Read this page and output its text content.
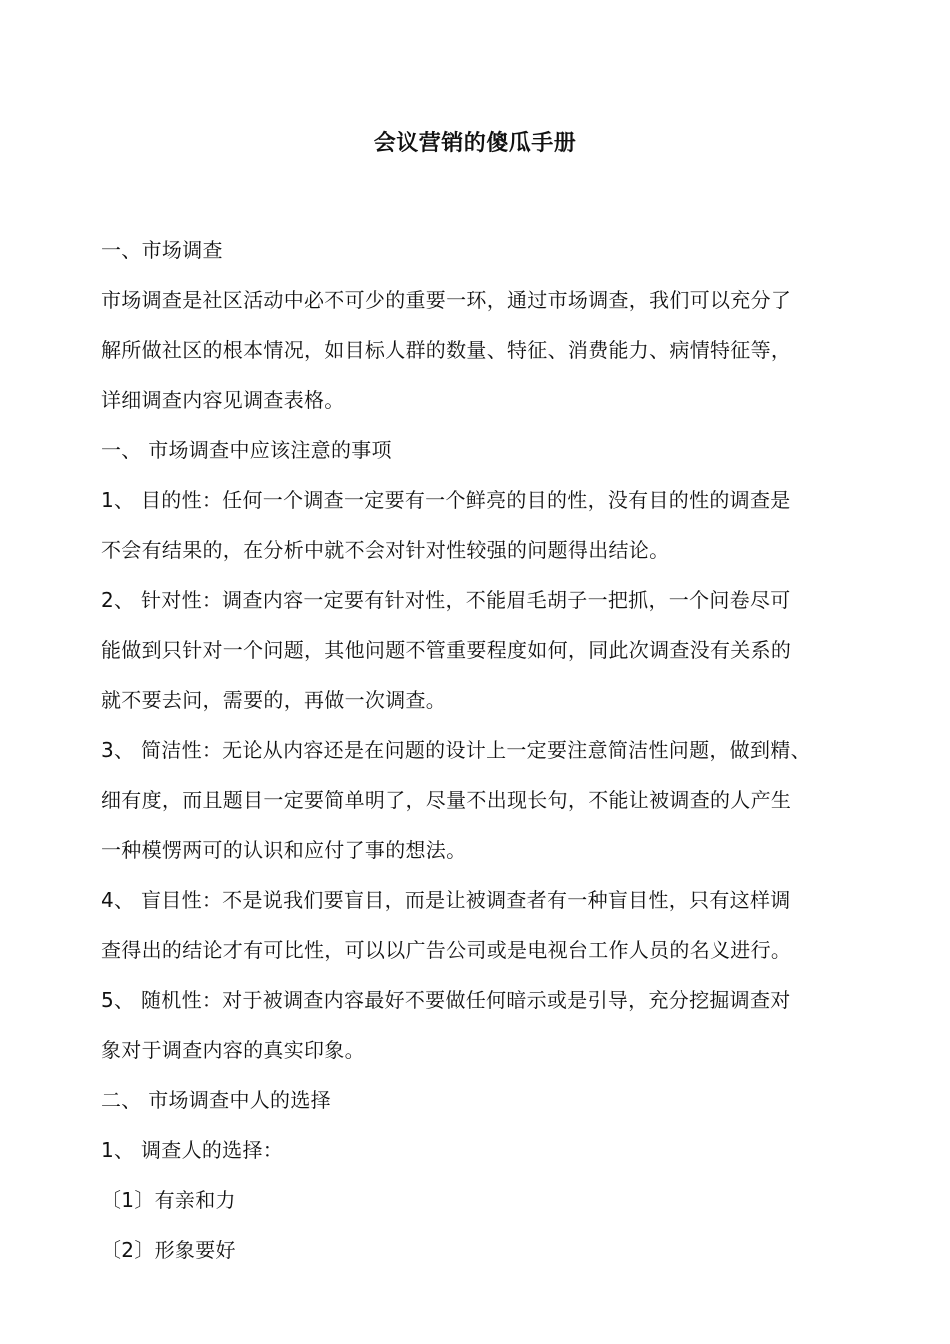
会议营销的傻瓜手册
一、市场调查
市场调查是社区活动中必不可少的重要一环，通过市场调查，我们可以充分了
解所做社区的根本情况，如目标人群的数量、特征、消费能力、病情特征等，
详细调查内容见调查表格。
一、 市场调查中应该注意的事项
1、 目的性：任何一个调查一定要有一个鲜亮的目的性，没有目的性的调查是
不会有结果的，在分析中就不会对针对性较强的问题得出结论。
2、 针对性：调查内容一定要有针对性，不能眉毛胡子一把抓，一个问卷尽可
能做到只针对一个问题，其他问题不管重要程度如何，同此次调查没有关系的
就不要去问，需要的，再做一次调查。
3、 简洁性：无论从内容还是在问题的设计上一定要注意简洁性问题，做到精、
细有度，而且题目一定要简单明了，尽量不出现长句，不能让被调查的人产生
一种模愣两可的认识和应付了事的想法。
4、 盲目性：不是说我们要盲目，而是让被调查者有一种盲目性，只有这样调
查得出的结论才有可比性，可以以广告公司或是电视台工作人员的名义进行。
5、 随机性：对于被调查内容最好不要做任何暗示或是引导，充分挖掘调查对
象对于调查内容的真实印象。
二、 市场调查中人的选择
1、 调查人的选择：
〔1〕有亲和力
〔2〕形象要好
